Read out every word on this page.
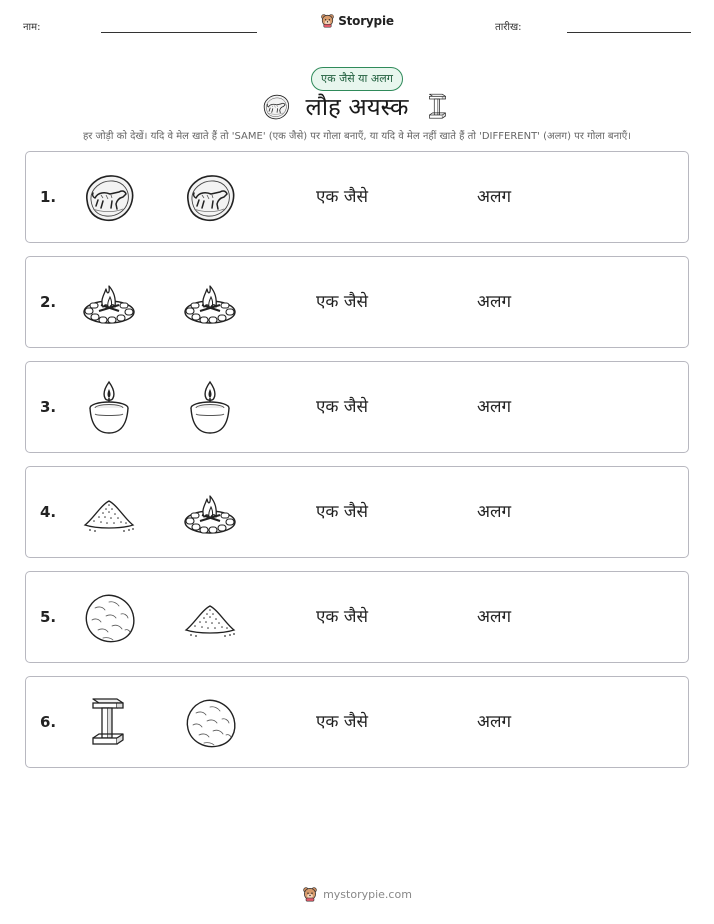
नाम:	Storypie	तारीख:
एक जैसे या अलग
लौह अयस्क

हर जोड़ी को देखें। यदि वे मेल खाते हैं तो 'SAME' (एक जैसे) पर गोला बनाएँ, या यदि वे मेल नहीं खाते हैं तो 'DIFFERENT' (अलग) पर गोला बनाएँ।

1.	एक जैसे	अलग
2.	एक जैसे	अलग
3.	एक जैसे	अलग
4.	एक जैसे	अलग
5.	एक जैसे	अलग
6.	एक जैसे	अलग
mystorypie.com
